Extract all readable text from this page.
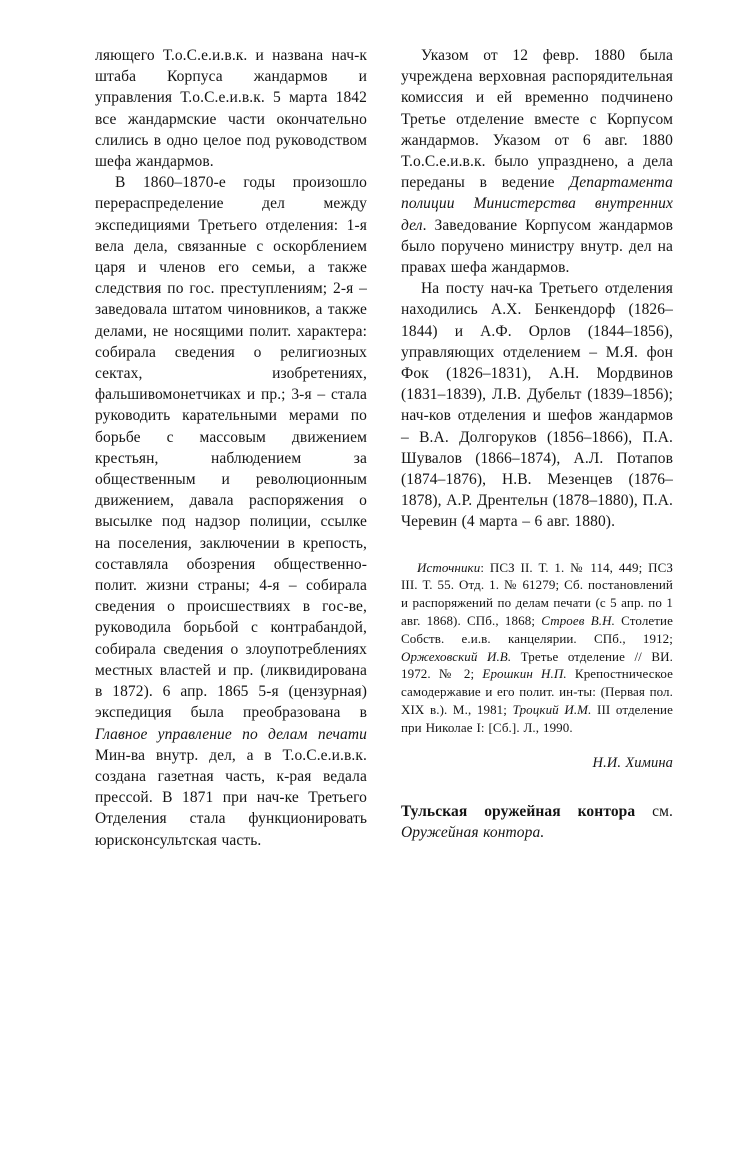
ляющего Т.о.С.е.и.в.к. и названа нач-к штаба Корпуса жандармов и управления Т.о.С.е.и.в.к. 5 марта 1842 все жандармские части окончательно слились в одно целое под руководством шефа жандармов.

В 1860–1870-е годы произошло перераспределение дел между экспедициями Третьего отделения: 1-я вела дела, связанные с оскорблением царя и членов его семьи, а также следствия по гос. преступлениям; 2-я – заведовала штатом чиновников, а также делами, не носящими полит. характера: собирала сведения о религиозных сектах, изобретениях, фальшивомонетчиках и пр.; 3-я – стала руководить карательными мерами по борьбе с массовым движением крестьян, наблюдением за общественным и революционным движением, давала распоряжения о высылке под надзор полиции, ссылке на поселения, заключении в крепость, составляла обозрения общественно-полит. жизни страны; 4-я – собирала сведения о происшествиях в гос-ве, руководила борьбой с контрабандой, собирала сведения о злоупотреблениях местных властей и пр. (ликвидирована в 1872). 6 апр. 1865 5-я (цензурная) экспедиция была преобразована в Главное управление по делам печати Мин-ва внутр. дел, а в Т.о.С.е.и.в.к. создана газетная часть, к-рая ведала прессой. В 1871 при нач-ке Третьего Отделения стала функционировать юрисконсультская часть.

Указом от 12 февр. 1880 была учреждена верховная распорядительная комиссия и ей временно подчинено Третье отделение вместе с Корпусом жандармов. Указом от 6 авг. 1880 Т.о.С.е.и.в.к. было упразднено, а дела переданы в ведение Департамента полиции Министерства внутренних дел. Заведование Корпусом жандармов было поручено министру внутр. дел на правах шефа жандармов.

На посту нач-ка Третьего отделения находились А.Х. Бенкендорф (1826–1844) и А.Ф. Орлов (1844–1856), управляющих отделением – М.Я. фон Фок (1826–1831), А.Н. Мордвинов (1831–1839), Л.В. Дубельт (1839–1856); нач-ков отделения и шефов жандармов – В.А. Долгоруков (1856–1866), П.А. Шувалов (1866–1874), А.Л. Потапов (1874–1876), Н.В. Мезенцев (1876–1878), А.Р. Дрентельн (1878–1880), П.А. Черевин (4 марта – 6 авг. 1880).

Источники: ПСЗ II. Т. 1. № 114, 449; ПСЗ III. Т. 55. Отд. 1. № 61279; Сб. постановлений и распоряжений по делам печати (с 5 апр. по 1 авг. 1868). СПб., 1868; Строев В.Н. Столетие Собств. е.и.в. канцелярии. СПб., 1912; Оржеховский И.В. Третье отделение // ВИ. 1972. № 2; Ерошкин Н.П. Крепостническое самодержавие и его полит. ин-ты: (Первая пол. XIX в.). М., 1981; Троцкий И.М. III отделение при Николае I: [Сб.]. Л., 1990.

Н.И. Химина

Тульская оружейная контора см. Оружейная контора.
